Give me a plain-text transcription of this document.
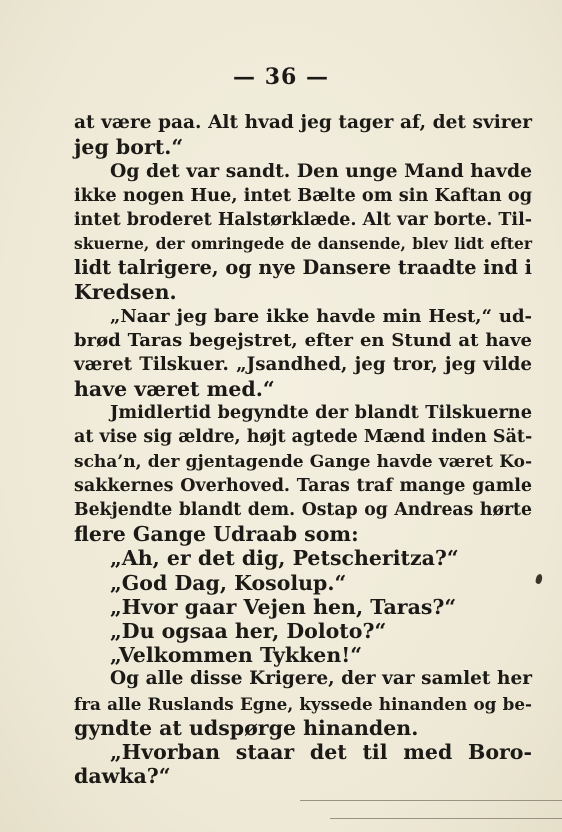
— 36 —
at være paa. Alt hvad jeg tager af, det svirer
jeg bort.“
Og det var sandt. Den unge Mand havde
ikke nogen Hue, intet Bælte om sin Kaftan og
intet broderet Halstørklæde. Alt var borte. Til-
skuerne, der omringede de dansende, blev lidt efter
lidt talrigere, og nye Dansere traadte ind i
Kredsen.
„Naar jeg bare ikke havde min Hest,“ ud-
brød Taras begejstret, efter en Stund at have
været Tilskuer. „Jsandhed, jeg tror, jeg vilde
have været med.“
Jmidlertid begyndte der blandt Tilskuerne
at vise sig ældre, højt agtede Mænd inden Sät-
schа’n, der gjentagende Gange havde været Ko-
sakkernes Overhoved. Taras traf mange gamle
Bekjendte blandt dem. Ostap og Andreas hørte
flere Gange Udraab som:
„Ah, er det dig, Petscheritza?“
„God Dag, Kosolup.“
„Hvor gaar Vejen hen, Taras?“
„Du ogsaa her, Doloto?“
„Velkommen Tykken!“
Og alle disse Krigere, der var samlet her
fra alle Ruslands Egne, kyssede hinanden og be-
gyndte at udspørge hinanden.
„Hvorban staar det til med Boro-
dawka?“
